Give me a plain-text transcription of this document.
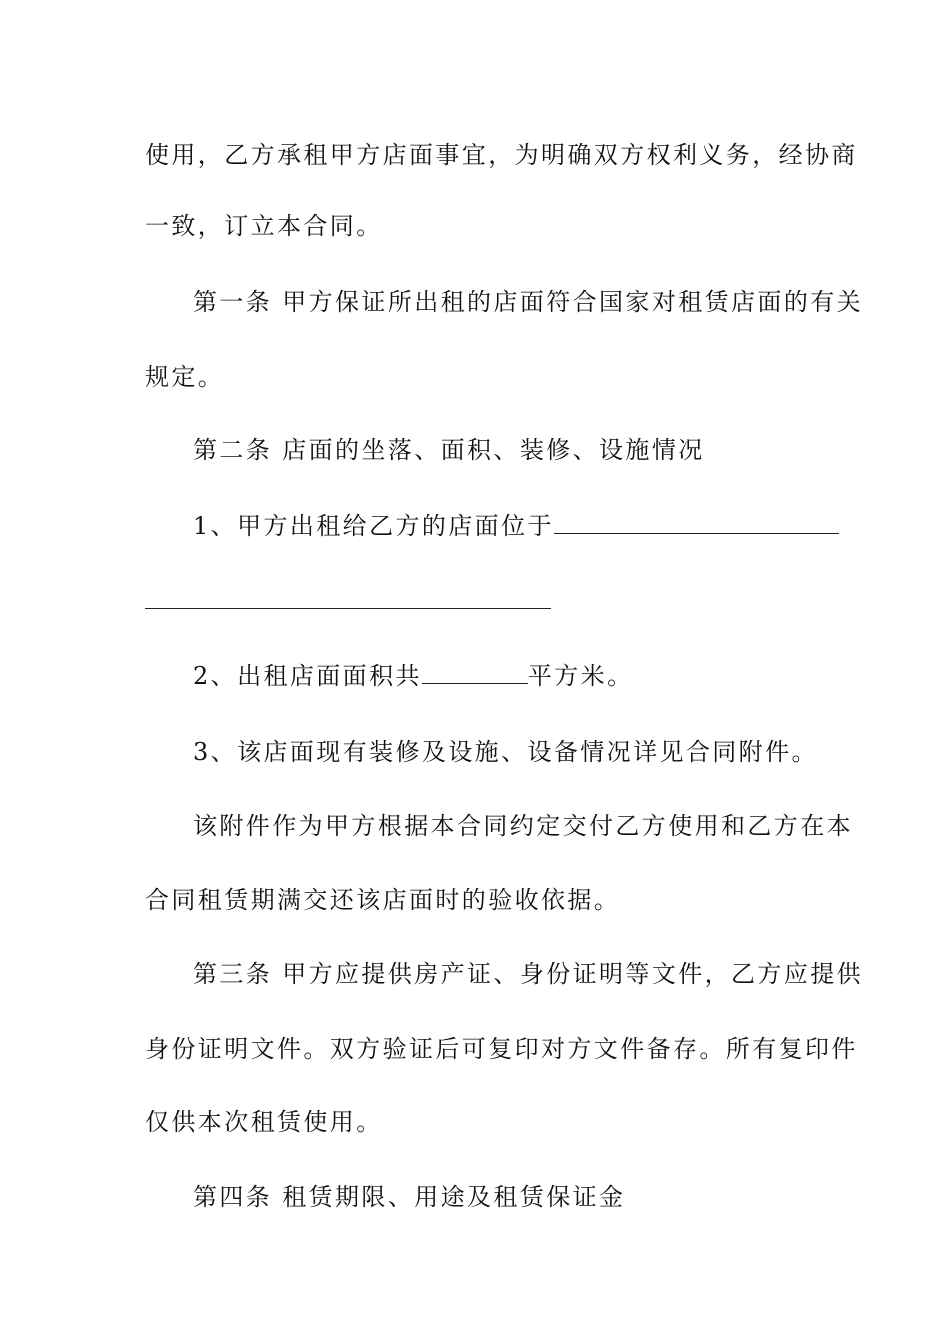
使用，乙方承租甲方店面事宜，为明确双方权利义务，经协商
一致，订立本合同。
第一条 甲方保证所出租的店面符合国家对租赁店面的有关
规定。
第二条 店面的坐落、面积、装修、设施情况
1、甲方出租给乙方的店面位于
2、出租店面面积共	平方米。
3、该店面现有装修及设施、设备情况详见合同附件。
该附件作为甲方根据本合同约定交付乙方使用和乙方在本
合同租赁期满交还该店面时的验收依据。
第三条 甲方应提供房产证、身份证明等文件，乙方应提供
身份证明文件。双方验证后可复印对方文件备存。所有复印件
仅供本次租赁使用。
第四条 租赁期限、用途及租赁保证金
